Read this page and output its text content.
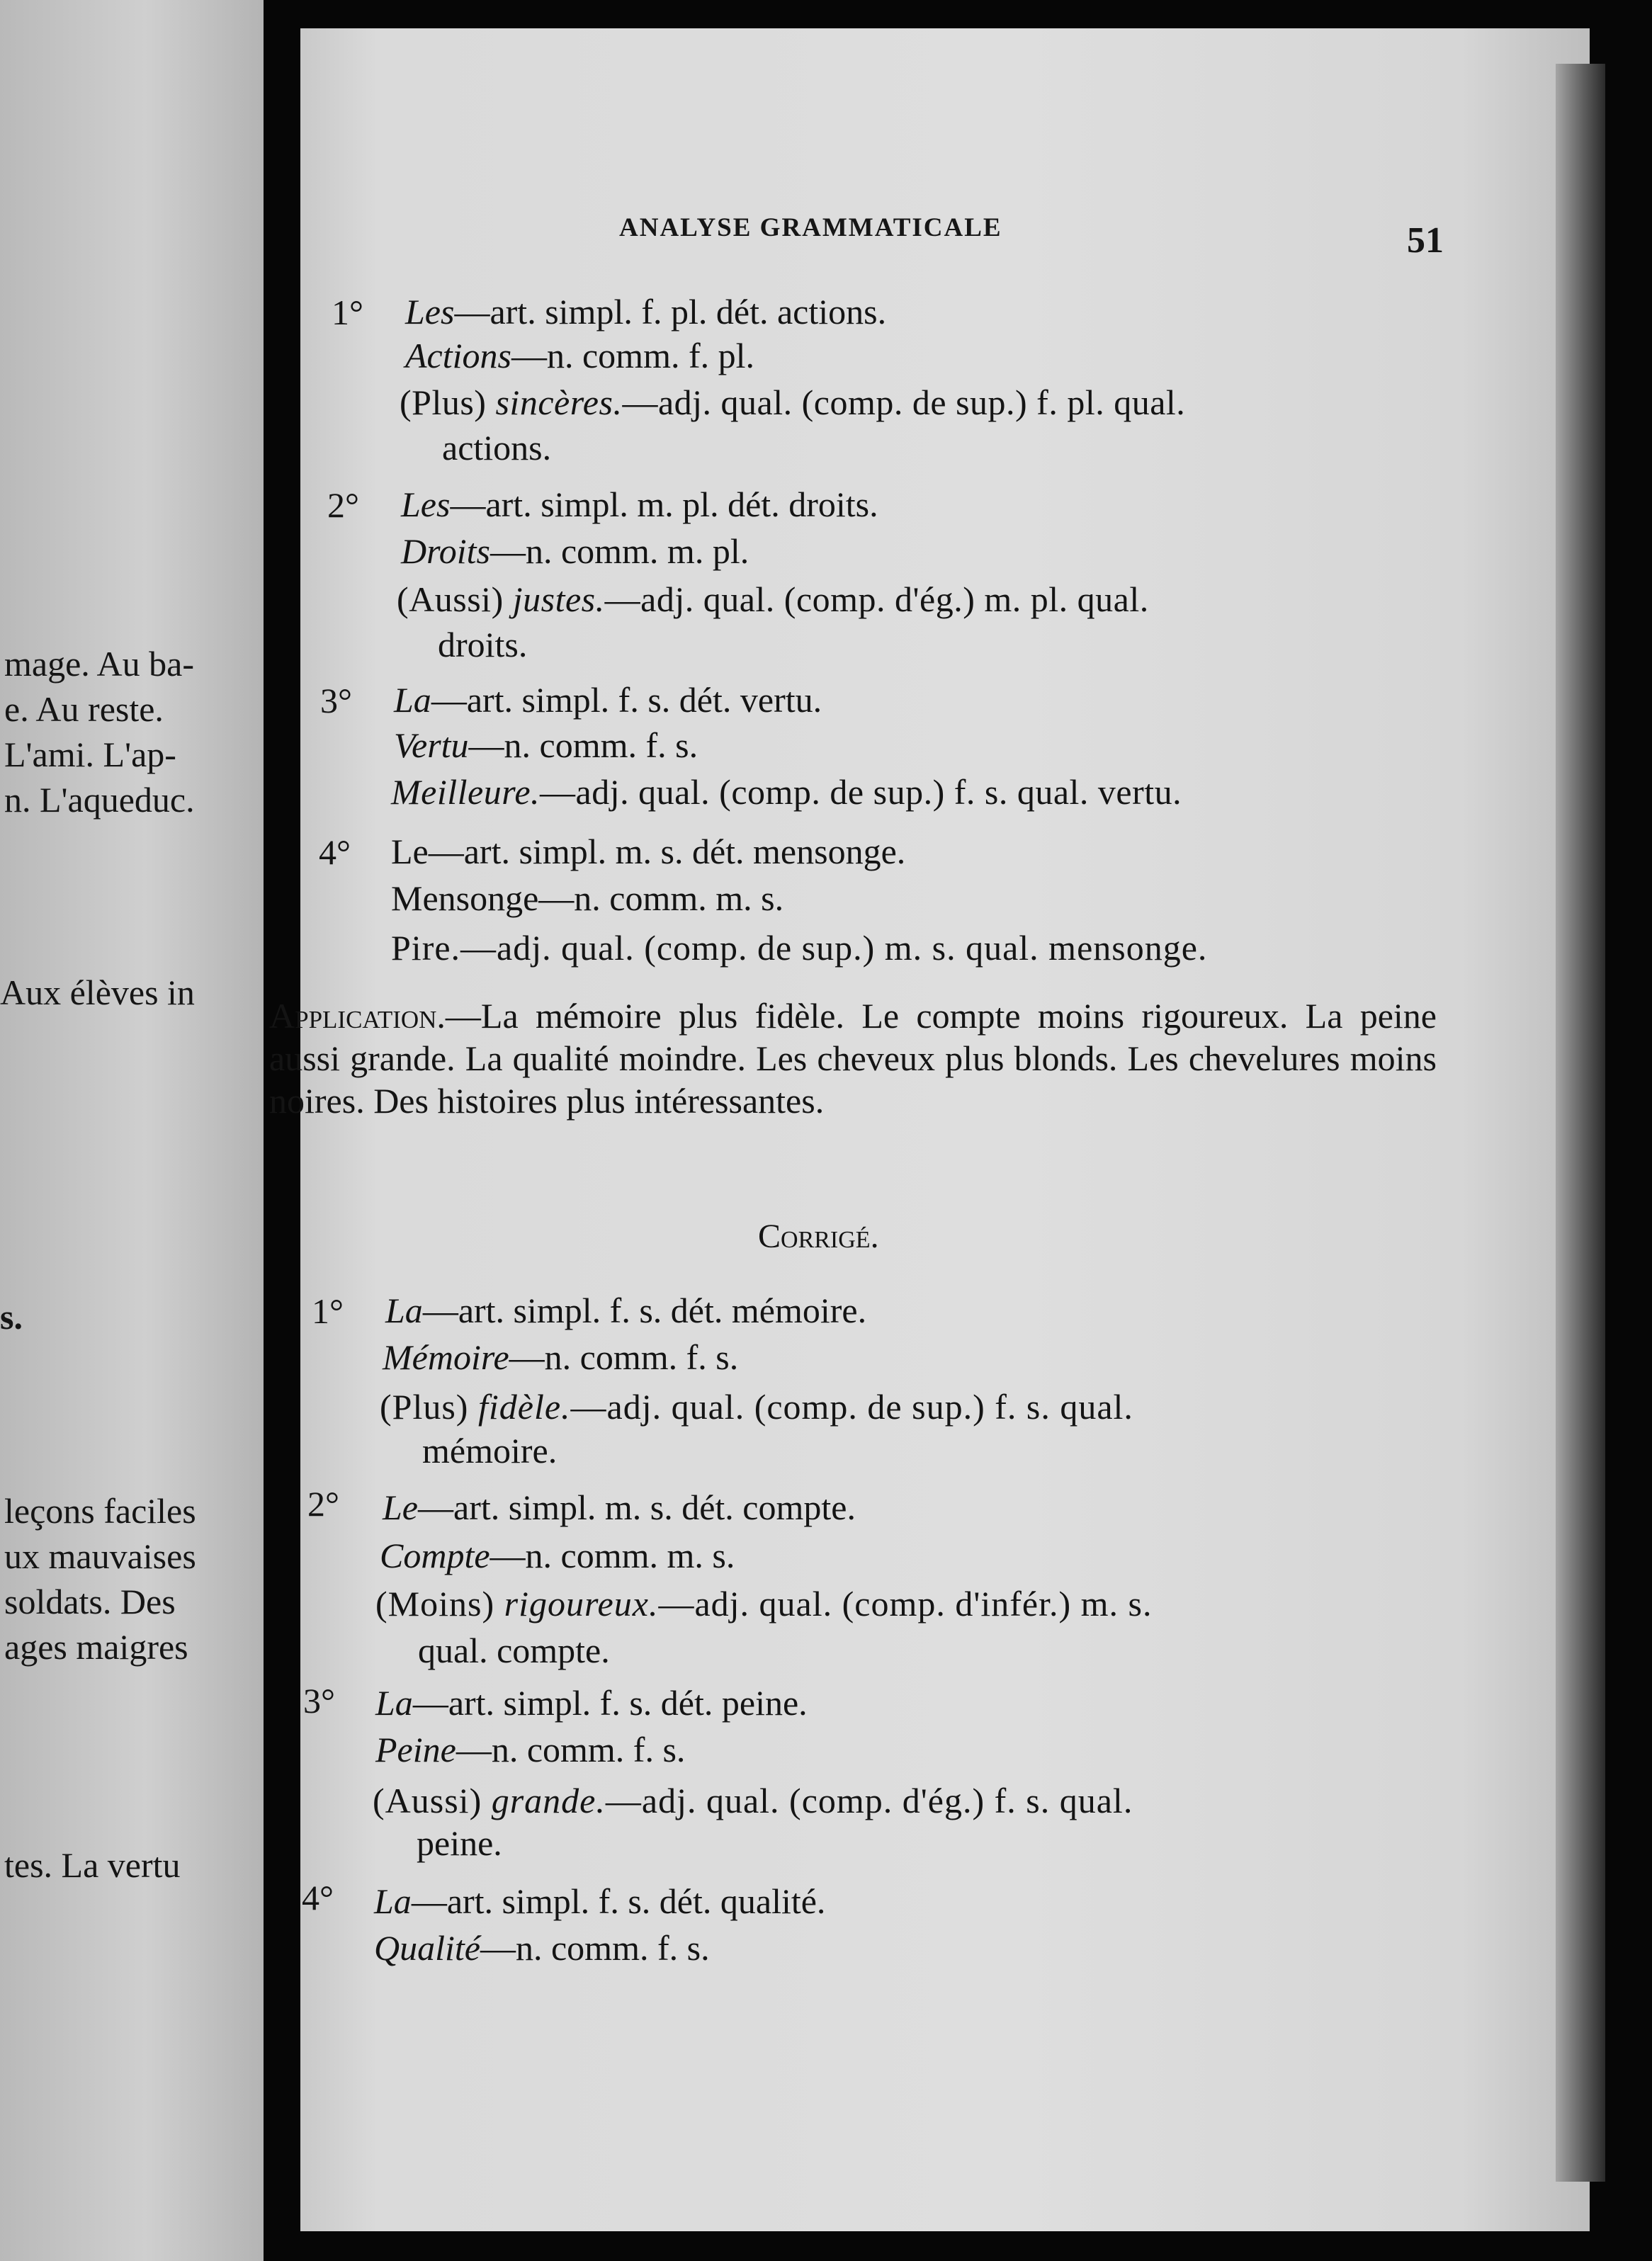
mage. Au ba-
e. Au reste.
L'ami. L'ap-
n. L'aqueduc.
Aux élèves in
s.
leçons faciles
ux mauvaises
soldats. Des
ages maigres
tes. La vertu
ANALYSE GRAMMATICALE	51
1° Les—art. simpl. f. pl. dét. actions.
Actions—n. comm. f. pl.
(Plus) sincères.—adj. qual. (comp. de sup.) f. pl. qual.
actions.
2° Les—art. simpl. m. pl. dét. droits.
Droits—n. comm. m. pl.
(Aussi) justes.—adj. qual. (comp. d'ég.) m. pl. qual.
droits.
3° La—art. simpl. f. s. dét. vertu.
Vertu—n. comm. f. s.
Meilleure.—adj. qual. (comp. de sup.) f. s. qual. vertu.
4° Le—art. simpl. m. s. dét. mensonge.
Mensonge—n. comm. m. s.
Pire.—adj. qual. (comp. de sup.) m. s. qual. mensonge.
Application.—La mémoire plus fidèle. Le compte moins rigoureux. La peine aussi grande. La qualité moindre. Les cheveux plus blonds. Les chevelures moins noires. Des histoires plus intéressantes.
Corrigé.
1° La—art. simpl. f. s. dét. mémoire.
Mémoire—n. comm. f. s.
(Plus) fidèle.—adj. qual. (comp. de sup.) f. s. qual.
mémoire.
2° Le—art. simpl. m. s. dét. compte.
Compte—n. comm. m. s.
(Moins) rigoureux.—adj. qual. (comp. d'infér.) m. s.
qual. compte.
3° La—art. simpl. f. s. dét. peine.
Peine—n. comm. f. s.
(Aussi) grande.—adj. qual. (comp. d'ég.) f. s. qual.
peine.
4° La—art. simpl. f. s. dét. qualité.
Qualité—n. comm. f. s.
